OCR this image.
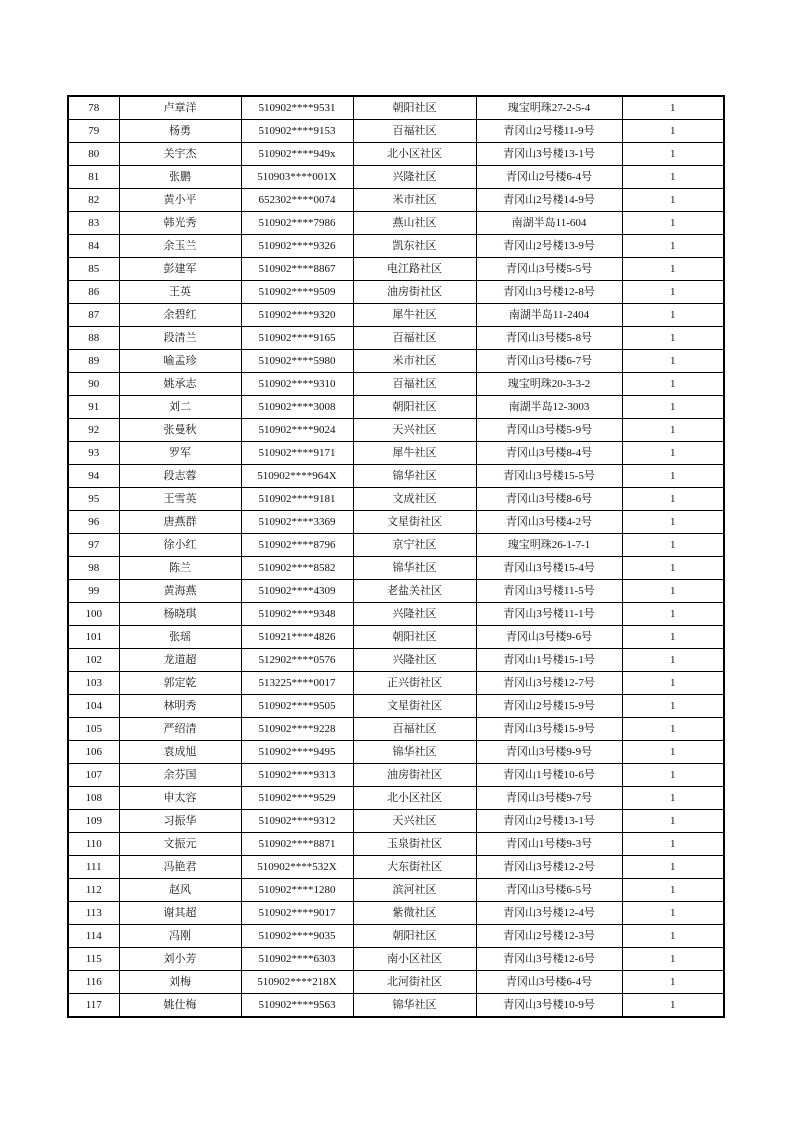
78	卢章洋	510902****9531	朝阳社区	瑰宝明珠27-2-5-4	1
79	杨勇	510902****9153	百福社区	青冈山2号楼11-9号	1
80	关宇杰	510902****949x	北小区社区	青冈山3号楼13-1号	1
81	张鹏	510903****001X	兴隆社区	青冈山2号楼6-4号	1
82	黄小平	652302****0074	米市社区	青冈山2号楼14-9号	1
83	韩光秀	510902****7986	燕山社区	南湖半岛11-604	1
84	余玉兰	510902****9326	凯东社区	青冈山2号楼13-9号	1
85	彭建军	510902****8867	电江路社区	青冈山3号楼5-5号	1
86	王英	510902****9509	油房街社区	青冈山3号楼12-8号	1
87	余碧红	510902****9320	犀牛社区	南湖半岛11-2404	1
88	段清兰	510902****9165	百福社区	青冈山3号楼5-8号	1
89	喻孟珍	510902****5980	米市社区	青冈山3号楼6-7号	1
90	姚承志	510902****9310	百福社区	瑰宝明珠20-3-3-2	1
91	刘二	510902****3008	朝阳社区	南湖半岛12-3003	1
92	张曼秋	510902****9024	天兴社区	青冈山3号楼5-9号	1
93	罗军	510902****9171	犀牛社区	青冈山3号楼8-4号	1
94	段志蓉	510902****964X	锦华社区	青冈山3号楼15-5号	1
95	王雪英	510902****9181	文成社区	青冈山3号楼8-6号	1
96	唐燕群	510902****3369	文星街社区	青冈山3号楼4-2号	1
97	徐小红	510902****8796	京宁社区	瑰宝明珠26-1-7-1	1
98	陈兰	510902****8582	锦华社区	青冈山3号楼15-4号	1
99	黄海燕	510902****4309	老盐关社区	青冈山3号楼11-5号	1
100	杨晓琪	510902****9348	兴隆社区	青冈山3号楼11-1号	1
101	张瑶	510921****4826	朝阳社区	青冈山3号楼9-6号	1
102	龙道超	512902****0576	兴隆社区	青冈山1号楼15-1号	1
103	郭定乾	513225****0017	正兴街社区	青冈山3号楼12-7号	1
104	林明秀	510902****9505	文星街社区	青冈山2号楼15-9号	1
105	严绍清	510902****9228	百福社区	青冈山3号楼15-9号	1
106	袁成旭	510902****9495	锦华社区	青冈山3号楼9-9号	1
107	余芬国	510902****9313	油房街社区	青冈山1号楼10-6号	1
108	申太容	510902****9529	北小区社区	青冈山3号楼9-7号	1
109	习振华	510902****9312	天兴社区	青冈山2号楼13-1号	1
110	文振元	510902****8871	玉泉街社区	青冈山1号楼9-3号	1
111	冯艳君	510902****532X	大东街社区	青冈山3号楼12-2号	1
112	赵风	510902****1280	滨河社区	青冈山3号楼6-5号	1
113	谢其超	510902****9017	紫微社区	青冈山3号楼12-4号	1
114	冯刚	510902****9035	朝阳社区	青冈山2号楼12-3号	1
115	刘小芳	510902****6303	南小区社区	青冈山3号楼12-6号	1
116	刘梅	510902****218X	北河街社区	青冈山3号楼6-4号	1
117	姚仕梅	510902****9563	锦华社区	青冈山3号楼10-9号	1
